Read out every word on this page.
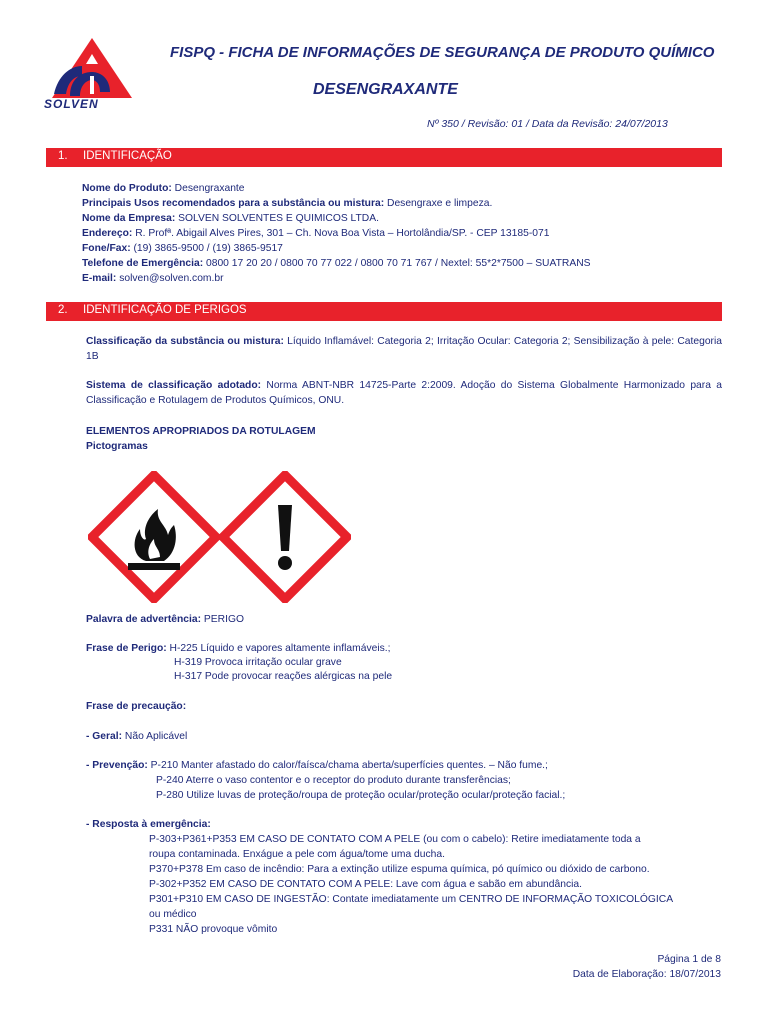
SOLVEN
FISPQ - FICHA DE INFORMAÇÕES DE SEGURANÇA DE PRODUTO QUÍMICO
DESENGRAXANTE
Nº 350 / Revisão: 01 / Data da Revisão: 24/07/2013
1. IDENTIFICAÇÃO
Nome do Produto: Desengraxante
Principais Usos recomendados para a substância ou mistura: Desengraxe e limpeza.
Nome da Empresa: SOLVEN SOLVENTES E QUIMICOS LTDA.
Endereço: R. Profª. Abigail Alves Pires, 301 – Ch. Nova Boa Vista – Hortolândia/SP. - CEP 13185-071
Fone/Fax: (19) 3865-9500 / (19) 3865-9517
Telefone de Emergência: 0800 17 20 20 / 0800 70 77 022 / 0800 70 71 767 / Nextel: 55*2*7500 – SUATRANS
E-mail: solven@solven.com.br
2. IDENTIFICAÇÃO DE PERIGOS
Classificação da substância ou mistura: Líquido Inflamável: Categoria 2; Irritação Ocular: Categoria 2; Sensibilização à pele: Categoria 1B
Sistema de classificação adotado: Norma ABNT-NBR 14725-Parte 2:2009. Adoção do Sistema Globalmente Harmonizado para a Classificação e Rotulagem de Produtos Químicos, ONU.
ELEMENTOS APROPRIADOS DA ROTULAGEM
Pictogramas
Palavra de advertência: PERIGO
Frase de Perigo: H-225 Líquido e vapores altamente inflamáveis.;
H-319 Provoca irritação ocular grave
H-317 Pode provocar reações alérgicas na pele
Frase de precaução:
- Geral: Não Aplicável
- Prevenção: P-210 Manter afastado do calor/faísca/chama aberta/superfícies quentes. – Não fume.;
P-240 Aterre o vaso contentor e o receptor do produto durante transferências;
P-280 Utilize luvas de proteção/roupa de proteção ocular/proteção ocular/proteção facial.;
- Resposta à emergência:
P-303+P361+P353 EM CASO DE CONTATO COM A PELE (ou com o cabelo): Retire imediatamente toda a
roupa contaminada. Enxágue a pele com água/tome uma ducha.
P370+P378 Em caso de incêndio: Para a extinção utilize espuma química, pó químico ou dióxido de carbono.
P-302+P352 EM CASO DE CONTATO COM A PELE: Lave com água e sabão em abundância.
P301+P310 EM CASO DE INGESTÃO: Contate imediatamente um CENTRO DE INFORMAÇÃO TOXICOLÓGICA
ou médico
P331 NÃO provoque vômito
Página 1 de 8
Data de Elaboração: 18/07/2013
